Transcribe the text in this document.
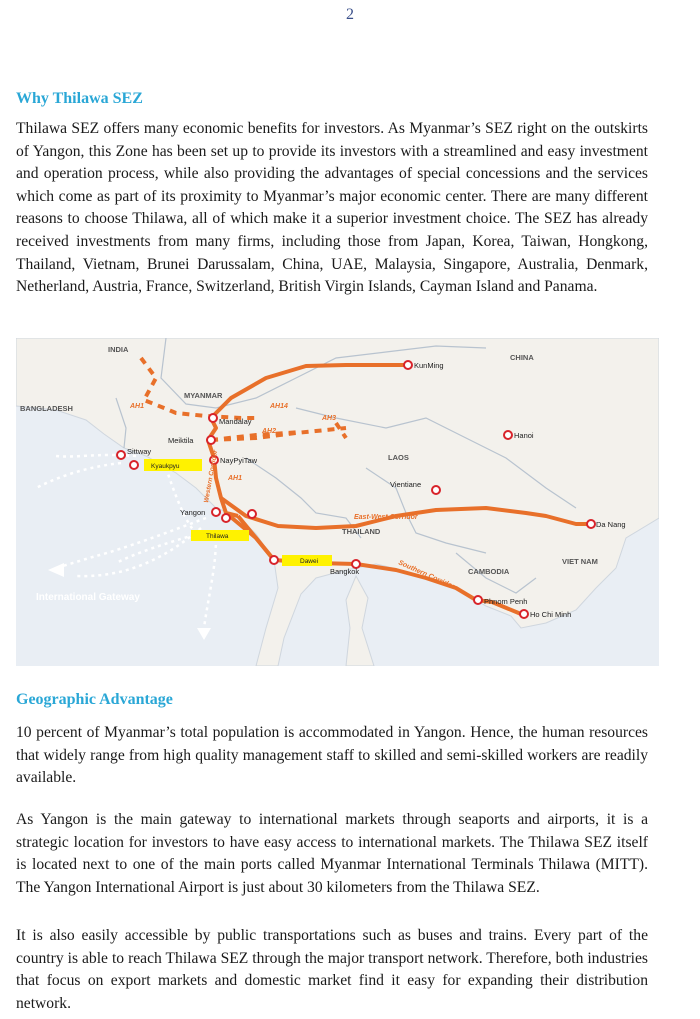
2
Why Thilawa SEZ

Thilawa SEZ offers many economic benefits for investors. As Myanmar’s SEZ right on the outskirts of Yangon, this Zone has been set up to provide its investors with a streamlined and easy investment and operation process, while also providing the advantages of special concessions and the services which come as part of its proximity to Myanmar’s major economic center. There are many different reasons to choose Thilawa, all of which make it a superior investment choice. The SEZ has already received investments from many firms, including those from Japan, Korea, Taiwan, Hongkong, Thailand, Vietnam, Brunei Darussalam, China, UAE, Malaysia, Singapore, Australia, Denmark, Netherland, Austria, France, Switzerland, British Virgin Islands, Cayman Island and Panama.

INDIA
CHINA
MYANMAR
BANGLADESH
LAOS
THAILAND
CAMBODIA
VIET NAM
KunMing
Mandalay
Meiktila
Sittway
Kyaukpyu
NayPyiTaw
Hanoi
Vientiane
Yangon
Thilawa
Dawei
Bangkok
Da Nang
Phnom Penh
Ho Chi Minh
AH1	AH14
AH3
AH2
AH1
Western Corridor
East-West Corridor
Southern Corridor
International Gateway
Geographic Advantage

10 percent of Myanmar’s total population is accommodated in Yangon. Hence, the human resources that widely range from high quality management staff to skilled and semi-skilled workers are readily available.

As Yangon is the main gateway to international markets through seaports and airports, it is a strategic location for investors to have easy access to international markets. The Thilawa SEZ itself is located next to one of the main ports called Myanmar International Terminals Thilawa (MITT). The Yangon International Airport is just about 30 kilometers from the Thilawa SEZ.

It is also easily accessible by public transportations such as buses and trains. Every part of the country is able to reach Thilawa SEZ through the major transport network. Therefore, both industries that focus on export markets and domestic market find it easy for expanding their distribution network.
